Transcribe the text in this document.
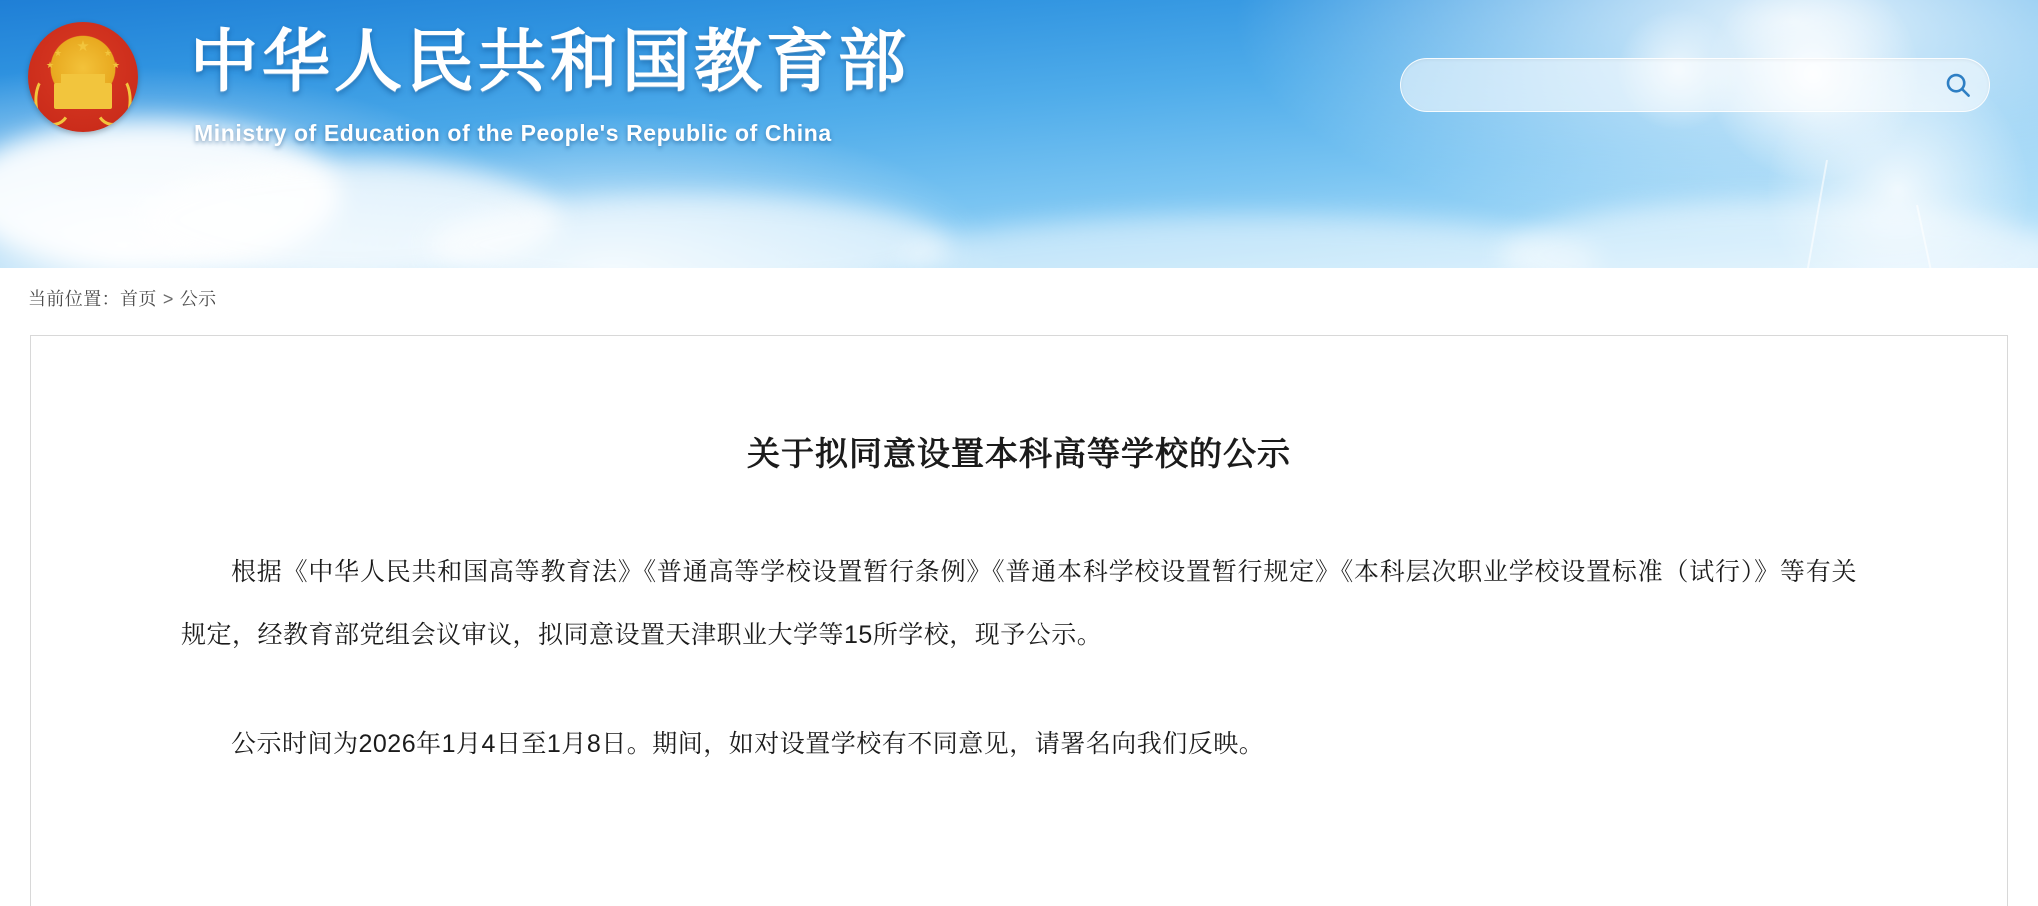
★
★
★
★
★ 中华人民共和国教育部
Ministry of Education of the People's Republic of China
当前位置：首页 > 公示
关于拟同意设置本科高等学校的公示

根据《中华人民共和国高等教育法》《普通高等学校设置暂行条例》《普通本科学校设置暂行规定》《本科层次职业学校设置标准（试行）》等有关规定，经教育部党组会议审议，拟同意设置天津职业大学等15所学校，现予公示。

公示时间为2026年1月4日至1月8日。期间，如对设置学校有不同意见，请署名向我们反映。
